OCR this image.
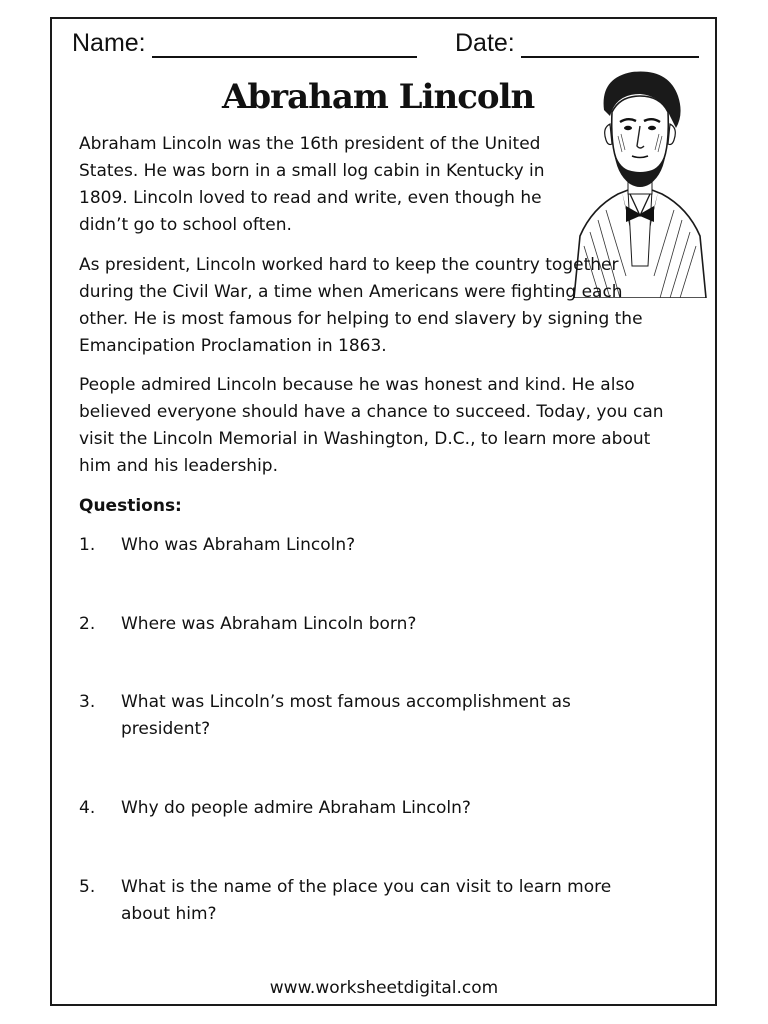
Name:	Date:
Abraham Lincoln

Abraham Lincoln was the 16th president of the United States. He was born in a small log cabin in Kentucky in 1809. Lincoln loved to read and write, even though he didn’t go to school often.

As president, Lincoln worked hard to keep the country together during the Civil War, a time when Americans were fighting each other. He is most famous for helping to end slavery by signing the Emancipation Proclamation in 1863.

People admired Lincoln because he was honest and kind. He also believed everyone should have a chance to succeed. Today, you can visit the Lincoln Memorial in Washington, D.C., to learn more about him and his leadership.

Questions:
1.	Who was Abraham Lincoln?
2.	Where was Abraham Lincoln born?
3.	What was Lincoln’s most famous accomplishment as president?
4.	Why do people admire Abraham Lincoln?
5.	What is the name of the place you can visit to learn more about him?
www.worksheetdigital.com
